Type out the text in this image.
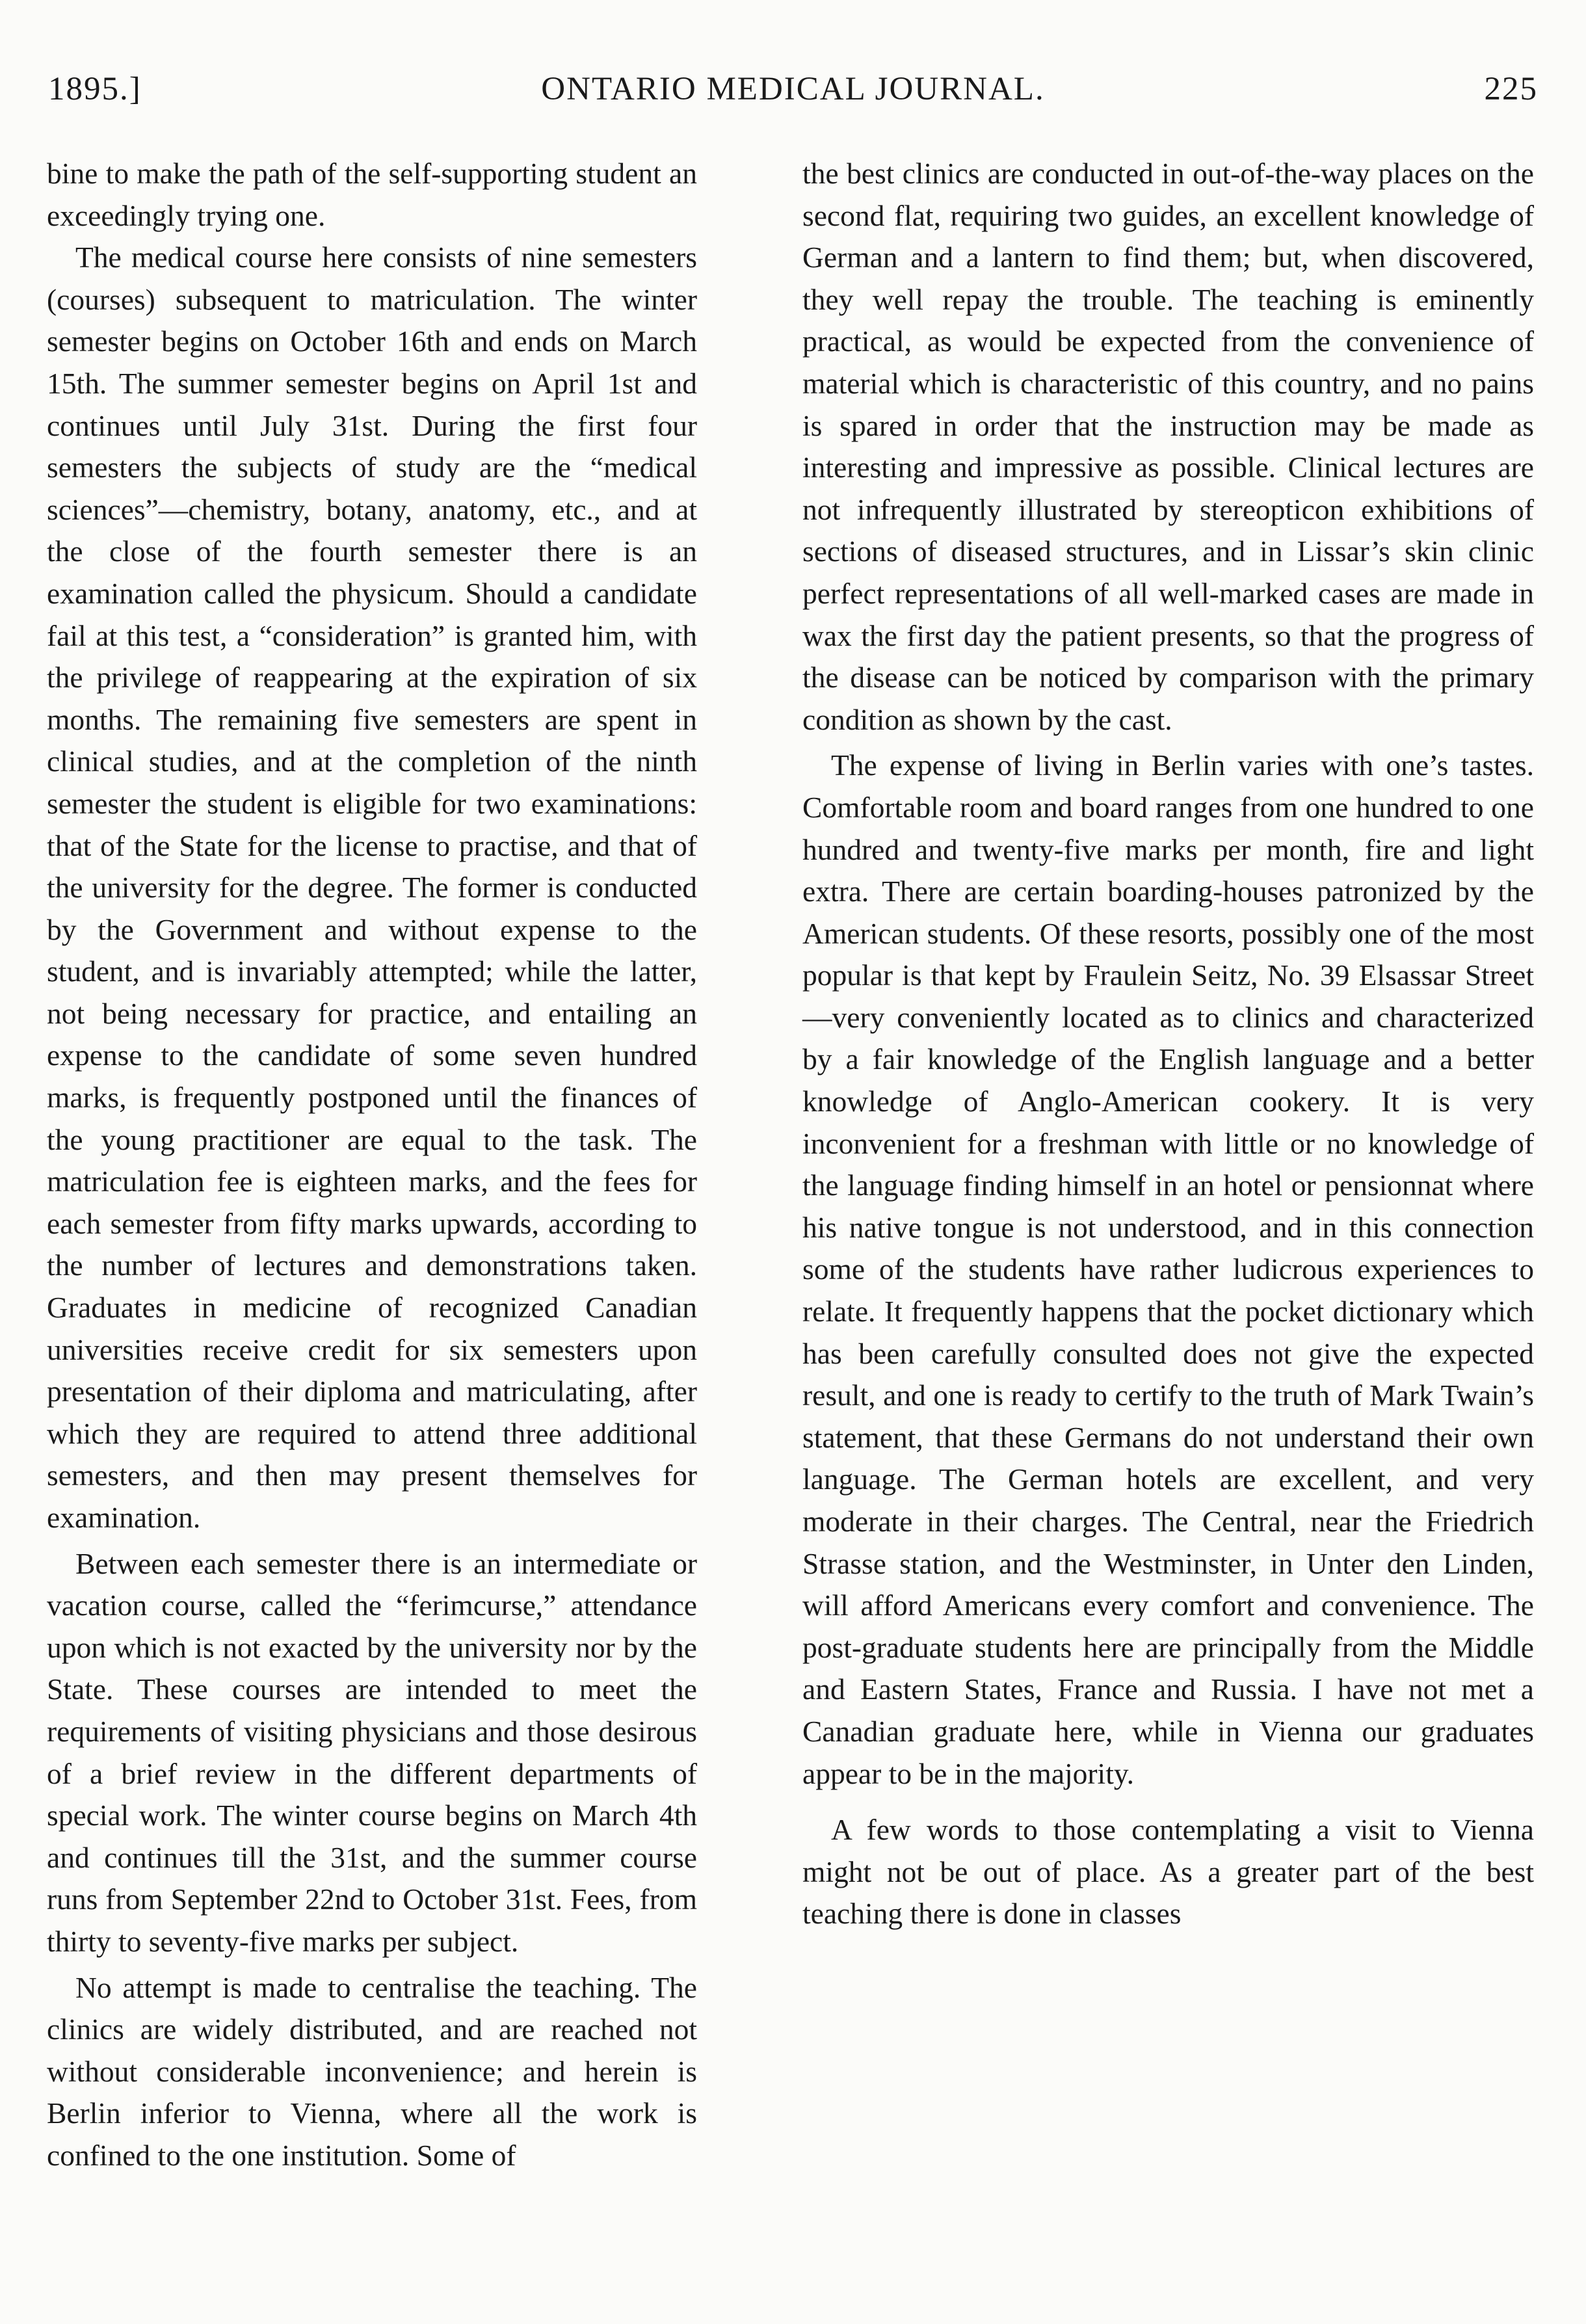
1895.]	ONTARIO MEDICAL JOURNAL.	225

bine to make the path of the self-supporting student an exceedingly trying one.

The medical course here consists of nine semesters (courses) subsequent to matriculation. The winter semester begins on October 16th and ends on March 15th. The summer semester begins on April 1st and continues until July 31st. During the first four semesters the subjects of study are the “medical sciences”—chemistry, botany, anatomy, etc., and at the close of the fourth semester there is an examination called the physicum. Should a candidate fail at this test, a “consideration” is granted him, with the privilege of reappearing at the expiration of six months. The remaining five semesters are spent in clinical studies, and at the completion of the ninth semester the student is eligible for two examinations: that of the State for the license to practise, and that of the university for the degree. The former is conducted by the Government and without expense to the student, and is invariably attempted; while the latter, not being necessary for practice, and entailing an expense to the candidate of some seven hundred marks, is frequently postponed until the finances of the young practitioner are equal to the task. The matriculation fee is eighteen marks, and the fees for each semester from fifty marks upwards, according to the number of lectures and demonstrations taken. Graduates in medicine of recognized Canadian universities receive credit for six semesters upon presentation of their diploma and matriculating, after which they are required to attend three additional semesters, and then may present themselves for examination.

Between each semester there is an intermediate or vacation course, called the “ferimcurse,” attendance upon which is not exacted by the university nor by the State. These courses are intended to meet the requirements of visiting physicians and those desirous of a brief review in the different departments of special work. The winter course begins on March 4th and continues till the 31st, and the summer course runs from September 22nd to October 31st. Fees, from thirty to seventy-five marks per subject.

No attempt is made to centralise the teaching. The clinics are widely distributed, and are reached not without considerable inconvenience; and herein is Berlin inferior to Vienna, where all the work is confined to the one institution. Some of

the best clinics are conducted in out-of-the-way places on the second flat, requiring two guides, an excellent knowledge of German and a lantern to find them; but, when discovered, they well repay the trouble. The teaching is eminently practical, as would be expected from the convenience of material which is characteristic of this country, and no pains is spared in order that the instruction may be made as interesting and impressive as possible. Clinical lectures are not infrequently illustrated by stereopticon exhibitions of sections of diseased structures, and in Lissar’s skin clinic perfect representations of all well-marked cases are made in wax the first day the patient presents, so that the progress of the disease can be noticed by comparison with the primary condition as shown by the cast.

The expense of living in Berlin varies with one’s tastes. Comfortable room and board ranges from one hundred to one hundred and twenty-five marks per month, fire and light extra. There are certain boarding-houses patronized by the American students. Of these resorts, possibly one of the most popular is that kept by Fraulein Seitz, No. 39 Elsassar Street—very conveniently located as to clinics and characterized by a fair knowledge of the English language and a better knowledge of Anglo-American cookery. It is very inconvenient for a freshman with little or no knowledge of the language finding himself in an hotel or pensionnat where his native tongue is not understood, and in this connection some of the students have rather ludicrous experiences to relate. It frequently happens that the pocket dictionary which has been carefully consulted does not give the expected result, and one is ready to certify to the truth of Mark Twain’s statement, that these Germans do not understand their own language. The German hotels are excellent, and very moderate in their charges. The Central, near the Friedrich Strasse station, and the Westminster, in Unter den Linden, will afford Americans every comfort and convenience. The post-graduate students here are principally from the Middle and Eastern States, France and Russia. I have not met a Canadian graduate here, while in Vienna our graduates appear to be in the majority.

A few words to those contemplating a visit to Vienna might not be out of place. As a greater part of the best teaching there is done in classes
